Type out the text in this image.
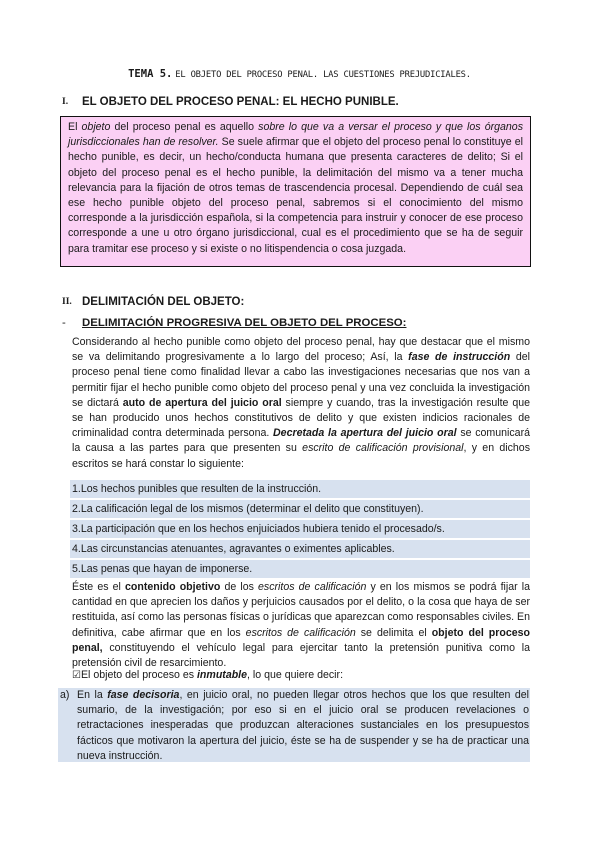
TEMA 5. EL OBJETO DEL PROCESO PENAL. LAS CUESTIONES PREJUDICIALES.
I. EL OBJETO DEL PROCESO PENAL: EL HECHO PUNIBLE.
El objeto del proceso penal es aquello sobre lo que va a versar el proceso y que los órganos jurisdiccionales han de resolver. Se suele afirmar que el objeto del proceso penal lo constituye el hecho punible, es decir, un hecho/conducta humana que presenta caracteres de delito; Si el objeto del proceso penal es el hecho punible, la delimitación del mismo va a tener mucha relevancia para la fijación de otros temas de trascendencia procesal. Dependiendo de cuál sea ese hecho punible objeto del proceso penal, sabremos si el conocimiento del mismo corresponde a la jurisdicción española, si la competencia para instruir y conocer de ese proceso corresponde a une u otro órgano jurisdiccional, cual es el procedimiento que se ha de seguir para tramitar ese proceso y si existe o no litispendencia o cosa juzgada.
II. DELIMITACIÓN DEL OBJETO:
- DELIMITACIÓN PROGRESIVA DEL OBJETO DEL PROCESO:

Considerando al hecho punible como objeto del proceso penal, hay que destacar que el mismo se va delimitando progresivamente a lo largo del proceso; Así, la fase de instrucción del proceso penal tiene como finalidad llevar a cabo las investigaciones necesarias que nos van a permitir fijar el hecho punible como objeto del proceso penal y una vez concluida la investigación se dictará auto de apertura del juicio oral siempre y cuando, tras la investigación resulte que se han producido unos hechos constitutivos de delito y que existen indicios racionales de criminalidad contra determinada persona. Decretada la apertura del juicio oral se comunicará la causa a las partes para que presenten su escrito de calificación provisional, y en dichos escritos se hará constar lo siguiente:

1.Los hechos punibles que resulten de la instrucción.
2.La calificación legal de los mismos (determinar el delito que constituyen).
3.La participación que en los hechos enjuiciados hubiera tenido el procesado/s.
4.Las circunstancias atenuantes, agravantes o eximentes aplicables.
5.Las penas que hayan de imponerse.

Éste es el contenido objetivo de los escritos de calificación y en los mismos se podrá fijar la cantidad en que aprecien los daños y perjuicios causados por el delito, o la cosa que haya de ser restituida, así como las personas físicas o jurídicas que aparezcan como responsables civiles. En definitiva, cabe afirmar que en los escritos de calificación se delimita el objeto del proceso penal, constituyendo el vehículo legal para ejercitar tanto la pretensión punitiva como la pretensión civil de resarcimiento.

☑El objeto del proceso es inmutable, lo que quiere decir:
a) En la fase decisoria, en juicio oral, no pueden llegar otros hechos que los que resulten del sumario, de la investigación; por eso si en el juicio oral se producen revelaciones o retractaciones inesperadas que produzcan alteraciones sustanciales en los presupuestos fácticos que motivaron la apertura del juicio, éste se ha de suspender y se ha de practicar una nueva instrucción.
